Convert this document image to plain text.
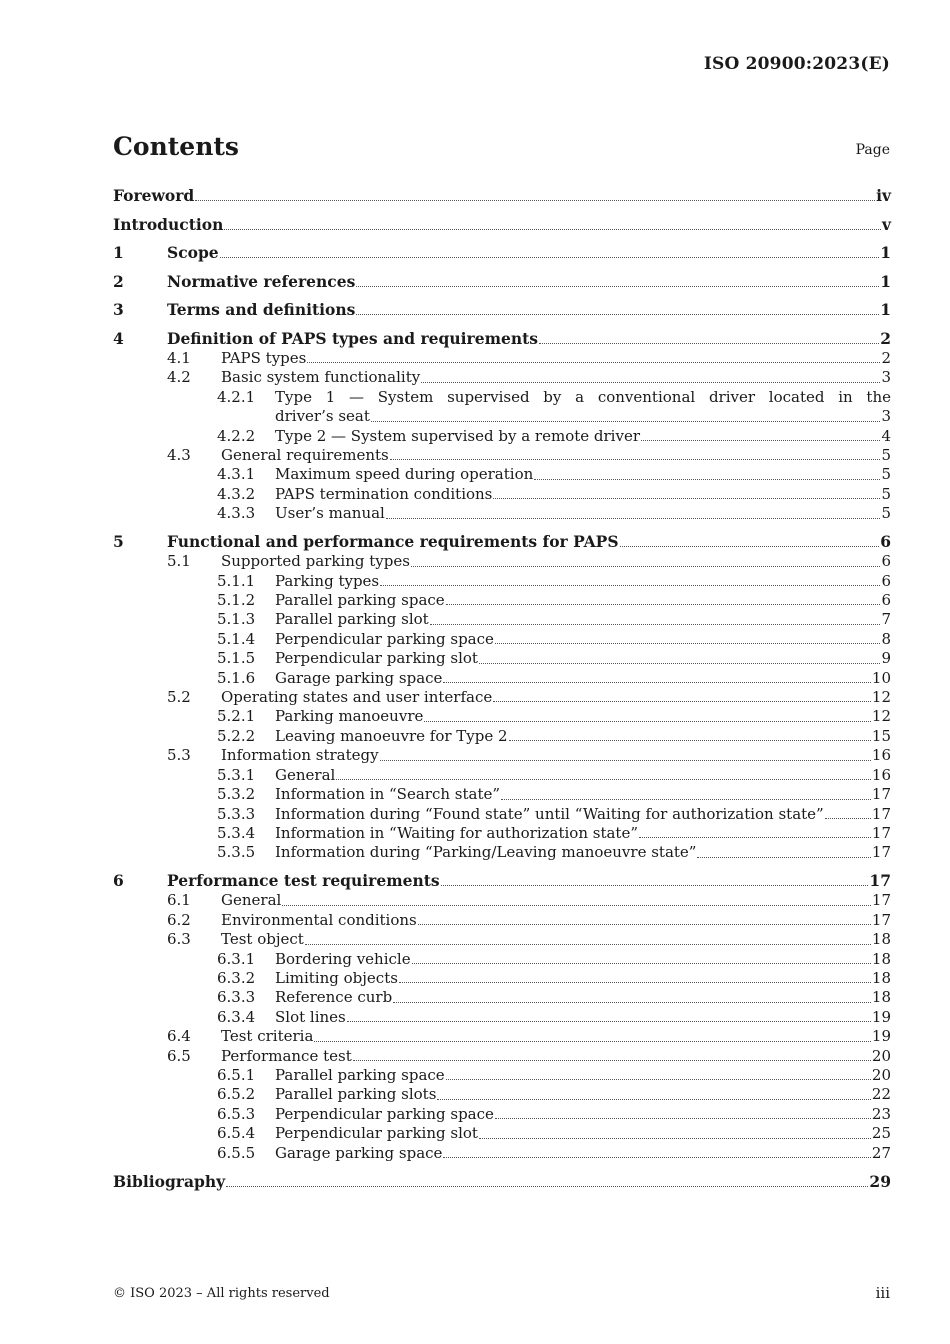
ISO 20900:2023(E)
Contents	Page
Foreword	iv
Introduction	v
1	Scope	1
2	Normative references	1
3	Terms and definitions	1
4	Definition of PAPS types and requirements	2
4.1 PAPS types	2
4.2 Basic system functionality	3
4.2.1 Type 1 — System supervised by a conventional driver located in the
driver’s seat	3
4.2.2 Type 2 — System supervised by a remote driver	4
4.3 General requirements	5
4.3.1 Maximum speed during operation	5
4.3.2 PAPS termination conditions	5
4.3.3 User’s manual	5
5	Functional and performance requirements for PAPS	6
5.1 Supported parking types	6
5.1.1 Parking types	6
5.1.2 Parallel parking space	6
5.1.3 Parallel parking slot	7
5.1.4 Perpendicular parking space	8
5.1.5 Perpendicular parking slot	9
5.1.6 Garage parking space	10
5.2 Operating states and user interface	12
5.2.1 Parking manoeuvre	12
5.2.2 Leaving manoeuvre for Type 2	15
5.3 Information strategy	16
5.3.1 General	16
5.3.2 Information in “Search state”	17
5.3.3 Information during “Found state” until “Waiting for authorization state”	17
5.3.4 Information in “Waiting for authorization state”	17
5.3.5 Information during “Parking/Leaving manoeuvre state”	17
6	Performance test requirements	17
6.1 General	17
6.2 Environmental conditions	17
6.3 Test object	18
6.3.1 Bordering vehicle	18
6.3.2 Limiting objects	18
6.3.3 Reference curb	18
6.3.4 Slot lines	19
6.4 Test criteria	19
6.5 Performance test	20
6.5.1 Parallel parking space	20
6.5.2 Parallel parking slots	22
6.5.3 Perpendicular parking space	23
6.5.4 Perpendicular parking slot	25
6.5.5 Garage parking space	27
Bibliography	29
© ISO 2023 – All rights reserved	iii
